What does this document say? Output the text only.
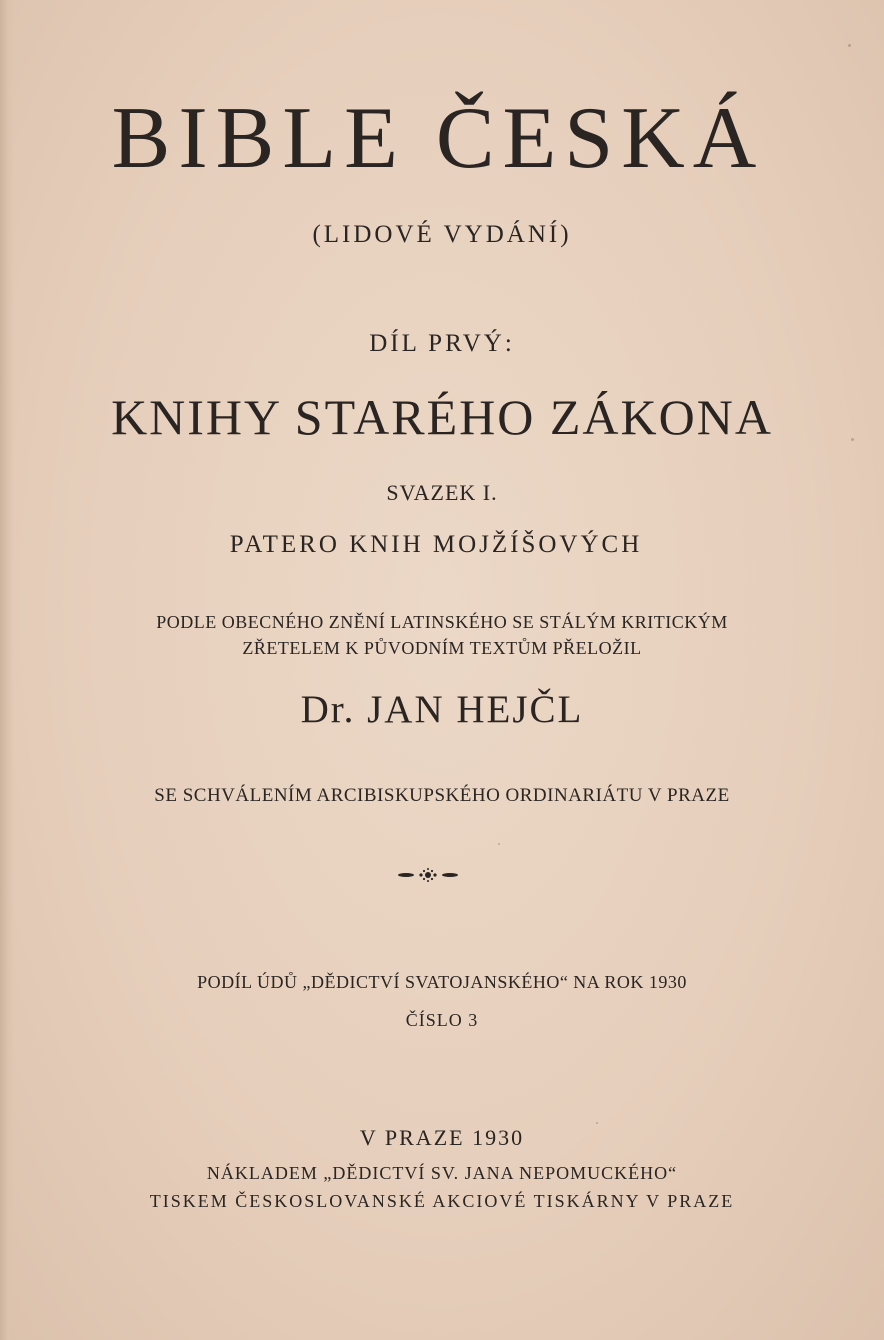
BIBLE ČESKÁ

(LIDOVÉ VYDÁNÍ)

DÍL PRVÝ:

KNIHY STARÉHO ZÁKONA

SVAZEK I.

PATERO KNIH MOJŽÍŠOVÝCH

PODLE OBECNÉHO ZNĚNÍ LATINSKÉHO SE STÁLÝM KRITICKÝM

ZŘETELEM K PŮVODNÍM TEXTŮM PŘELOŽIL

Dr. JAN HEJČL

SE SCHVÁLENÍM ARCIBISKUPSKÉHO ORDINARIÁTU V PRAZE

PODÍL ÚDŮ „DĚDICTVÍ SVATOJANSKÉHO“ NA ROK 1930

ČÍSLO 3

V PRAZE 1930

NÁKLADEM „DĚDICTVÍ SV. JANA NEPOMUCKÉHO“

TISKEM ČESKOSLOVANSKÉ AKCIOVÉ TISKÁRNY V PRAZE
